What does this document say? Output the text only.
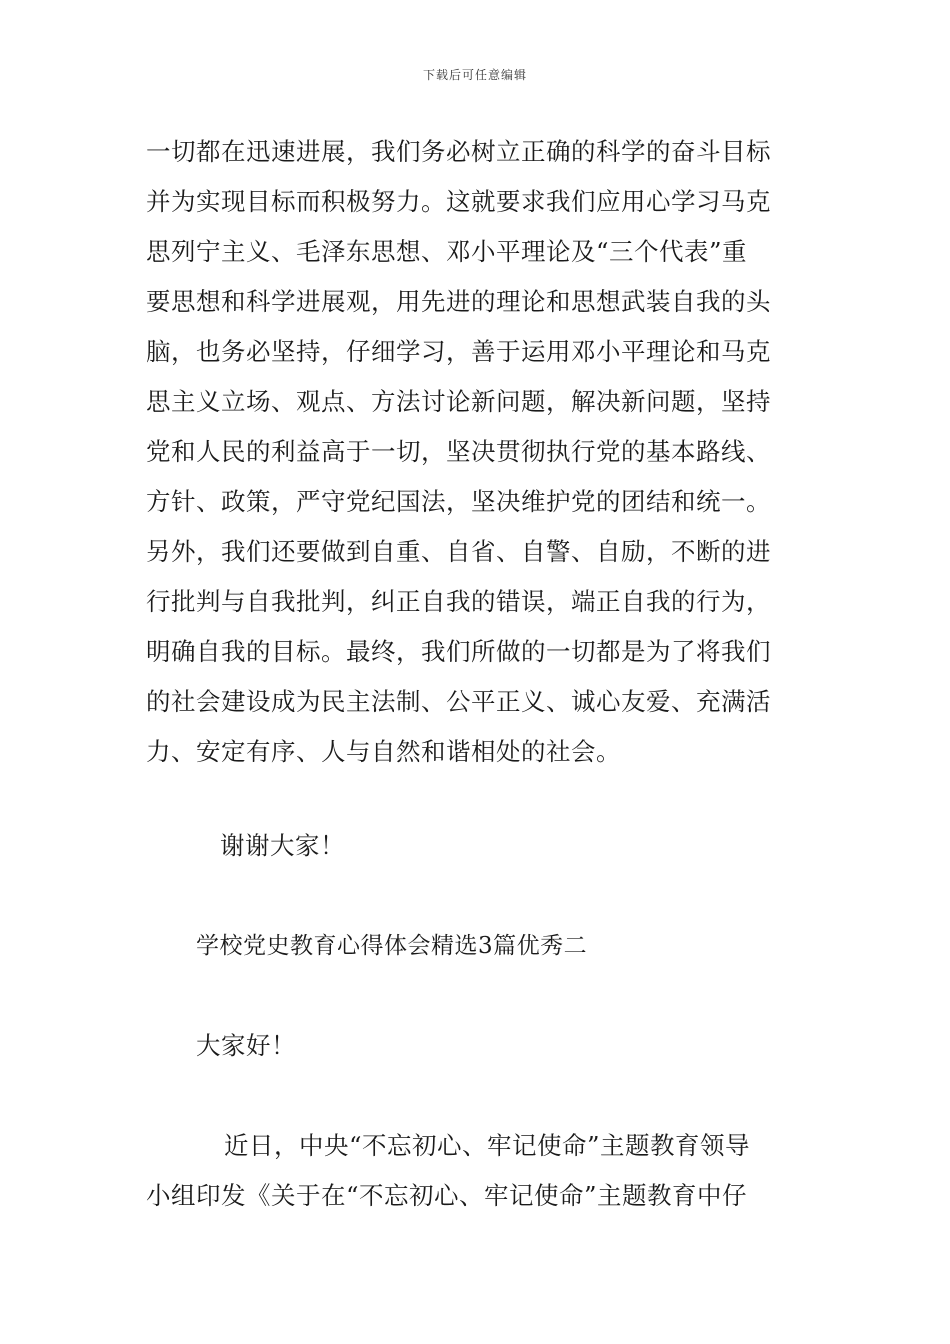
下载后可任意编辑
一切都在迅速进展，我们务必树立正确的科学的奋斗目标
并为实现目标而积极努力。这就要求我们应用心学习马克
思列宁主义、毛泽东思想、邓小平理论及“三个代表”重
要思想和科学进展观，用先进的理论和思想武装自我的头
脑，也务必坚持，仔细学习，善于运用邓小平理论和马克
思主义立场、观点、方法讨论新问题，解决新问题，坚持
党和人民的利益高于一切，坚决贯彻执行党的基本路线、
方针、政策，严守党纪国法，坚决维护党的团结和统一。
另外，我们还要做到自重、自省、自警、自励，不断的进
行批判与自我批判，纠正自我的错误，端正自我的行为，
明确自我的目标。最终，我们所做的一切都是为了将我们
的社会建设成为民主法制、公平正义、诚心友爱、充满活
力、安定有序、人与自然和谐相处的社会。
谢谢大家！
学校党史教育心得体会精选3篇优秀二
大家好！
近日，中央“不忘初心、牢记使命”主题教育领导
小组印发《关于在“不忘初心、牢记使命”主题教育中仔
